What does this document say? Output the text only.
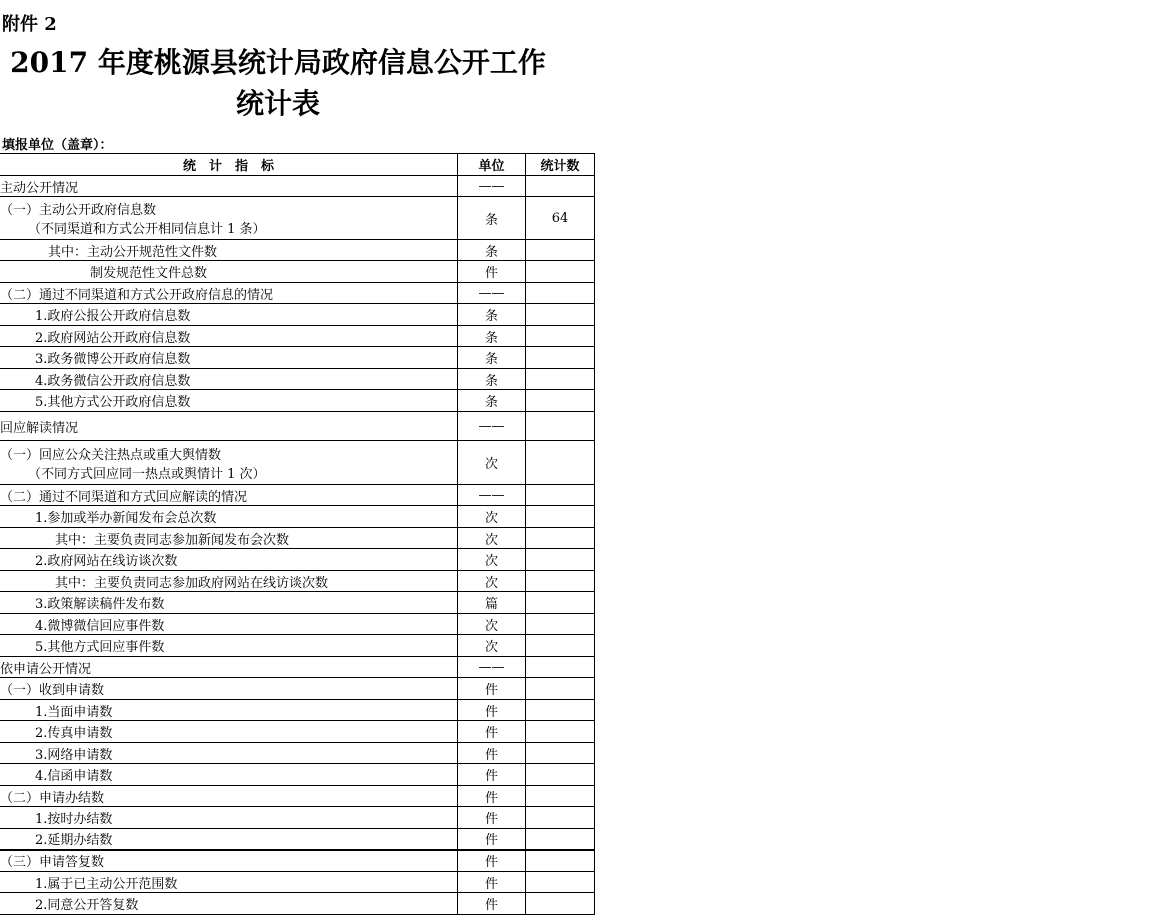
附件 2
2017 年度桃源县统计局政府信息公开工作
统计表
填报单位（盖章）：
统　计　指　标	单位	统计数
主动公开情况	——	
（一）主动公开政府信息数
（不同渠道和方式公开相同信息计 1 条）	条	64
其中：主动公开规范性文件数	条	
制发规范性文件总数	件	
（二）通过不同渠道和方式公开政府信息的情况	——	
1.政府公报公开政府信息数	条	
2.政府网站公开政府信息数	条	
3.政务微博公开政府信息数	条	
4.政务微信公开政府信息数	条	
5.其他方式公开政府信息数	条	
回应解读情况	——	
（一）回应公众关注热点或重大舆情数
（不同方式回应同一热点或舆情计 1 次）	次	
（二）通过不同渠道和方式回应解读的情况	——	
1.参加或举办新闻发布会总次数	次	
其中：主要负责同志参加新闻发布会次数	次	
2.政府网站在线访谈次数	次	
其中：主要负责同志参加政府网站在线访谈次数	次	
3.政策解读稿件发布数	篇	
4.微博微信回应事件数	次	
5.其他方式回应事件数	次	
依申请公开情况	——	
（一）收到申请数	件	
1.当面申请数	件	
2.传真申请数	件	
3.网络申请数	件	
4.信函申请数	件	
（二）申请办结数	件	
1.按时办结数	件	
2.延期办结数	件	
（三）申请答复数	件	
1.属于已主动公开范围数	件	
2.同意公开答复数	件	
